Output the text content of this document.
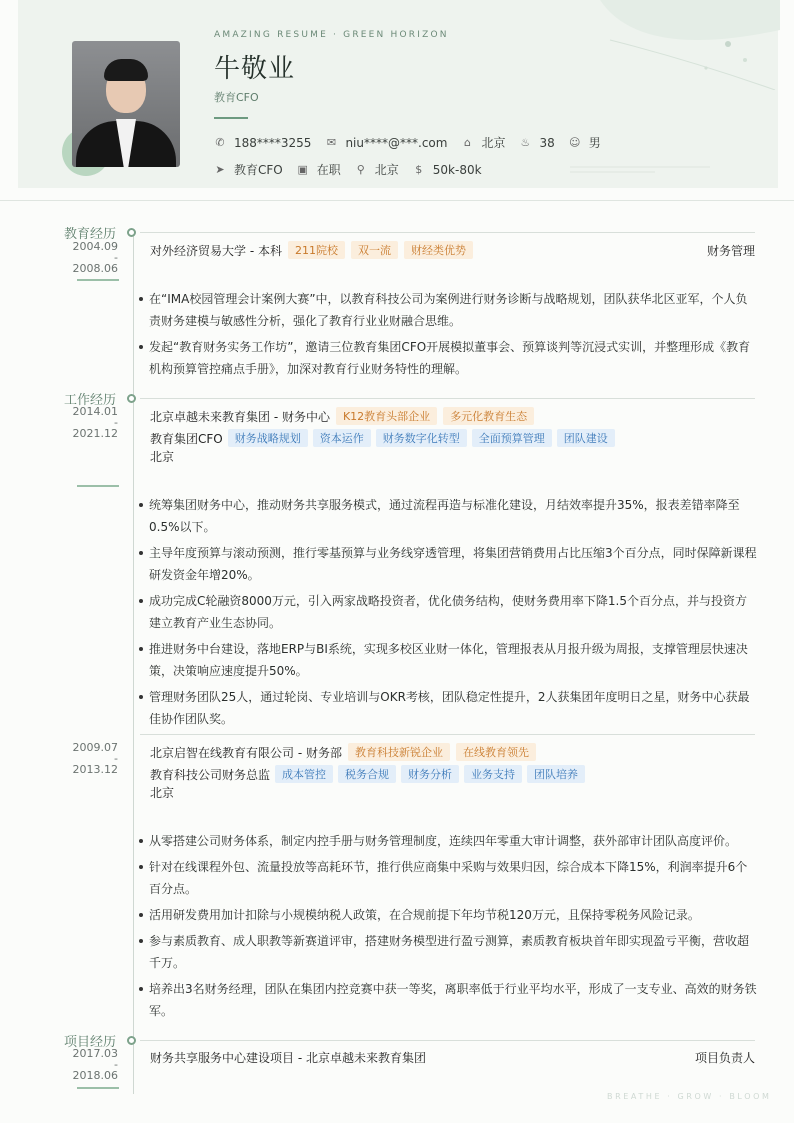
AMAZING RESUME · GREEN HORIZON
牛敬业
教育CFO
✆ 188****3255 ✉ niu****@***.com ⌂ 北京 ♨ 38 ☺ 男
➤ 教育CFO ▣ 在职 ⚲ 北京 $ 50k-80k
教育经历
2004.09
-
2008.06
对外经济贸易大学 - 本科	211院校	双一流	财经类优势	财务管理
在“IMA校园管理会计案例大赛”中，以教育科技公司为案例进行财务诊断与战略规划，团队获华北区亚军，个人负责财务建模与敏感性分析，强化了教育行业业财融合思维。
发起“教育财务实务工作坊”，邀请三位教育集团CFO开展模拟董事会、预算谈判等沉浸式实训，并整理形成《教育机构预算管控痛点手册》，加深对教育行业财务特性的理解。
工作经历
2014.01
-
2021.12
北京卓越未来教育集团 - 财务中心	K12教育头部企业	多元化教育生态
教育集团CFO	财务战略规划	资本运作	财务数字化转型	全面预算管理	团队建设
北京
统筹集团财务中心，推动财务共享服务模式，通过流程再造与标准化建设，月结效率提升35%，报表差错率降至0.5%以下。
主导年度预算与滚动预测，推行零基预算与业务线穿透管理，将集团营销费用占比压缩3个百分点，同时保障新课程研发资金年增20%。
成功完成C轮融资8000万元，引入两家战略投资者，优化债务结构，使财务费用率下降1.5个百分点，并与投资方建立教育产业生态协同。
推进财务中台建设，落地ERP与BI系统，实现多校区业财一体化，管理报表从月报升级为周报，支撑管理层快速决策，决策响应速度提升50%。
管理财务团队25人，通过轮岗、专业培训与OKR考核，团队稳定性提升，2人获集团年度明日之星，财务中心获最佳协作团队奖。
2009.07
-
2013.12
北京启智在线教育有限公司 - 财务部	教育科技新锐企业	在线教育领先
教育科技公司财务总监	成本管控	税务合规	财务分析	业务支持	团队培养
北京
从零搭建公司财务体系，制定内控手册与财务管理制度，连续四年零重大审计调整，获外部审计团队高度评价。
针对在线课程外包、流量投放等高耗环节，推行供应商集中采购与效果归因，综合成本下降15%，利润率提升6个百分点。
活用研发费用加计扣除与小规模纳税人政策，在合规前提下年均节税120万元，且保持零税务风险记录。
参与素质教育、成人职教等新赛道评审，搭建财务模型进行盈亏测算，素质教育板块首年即实现盈亏平衡，营收超千万。
培养出3名财务经理，团队在集团内控竞赛中获一等奖，离职率低于行业平均水平，形成了一支专业、高效的财务铁军。
项目经历
2017.03
-
2018.06
财务共享服务中心建设项目 - 北京卓越未来教育集团	项目负责人
BREATHE · GROW · BLOOM
